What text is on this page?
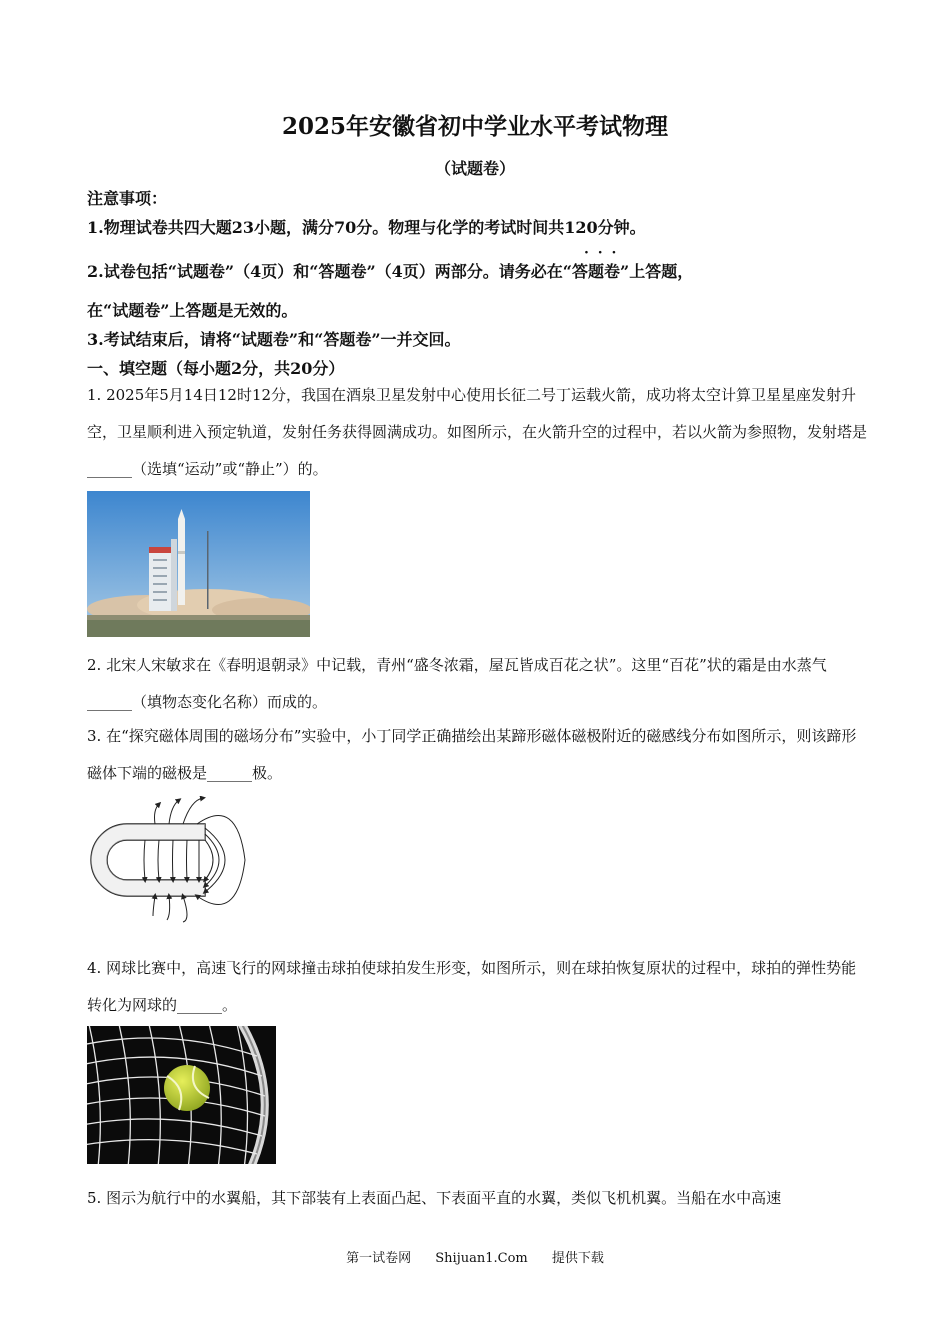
2025年安徽省初中学业水平考试物理
（试题卷）
注意事项：
1.物理试卷共四大题23小题，满分70分。物理与化学的考试时间共120分钟。
2.试卷包括“试题卷”（4页）和“答题卷”（4页）两部分。请务必在“· · · 答题卷”上答题，
在“试题卷”上答题是无效的。
3.考试结束后，请将“试题卷”和“答题卷”一并交回。
一、填空题（每小题2分，共20分）
1. 2025年5月14日12时12分，我国在酒泉卫星发射中心使用长征二号丁运载火箭，成功将太空计算卫星星座发射升空，卫星顺利进入预定轨道，发射任务获得圆满成功。如图所示，在火箭升空的过程中，若以火箭为参照物，发射塔是______（选填“运动”或“静止”）的。
2. 北宋人宋敏求在《春明退朝录》中记载，青州“盛冬浓霜，屋瓦皆成百花之状”。这里“百花”状的霜是由水蒸气______（填物态变化名称）而成的。
3. 在“探究磁体周围的磁场分布”实验中，小丁同学正确描绘出某蹄形磁体磁极附近的磁感线分布如图所示，则该蹄形磁体下端的磁极是______极。
4. 网球比赛中，高速飞行的网球撞击球拍使球拍发生形变，如图所示，则在球拍恢复原状的过程中，球拍的弹性势能转化为网球的______。
5. 图示为航行中的水翼船，其下部装有上表面凸起、下表面平直的水翼，类似飞机机翼。当船在水中高速
第一试卷网 Shijuan1.Com 提供下载
